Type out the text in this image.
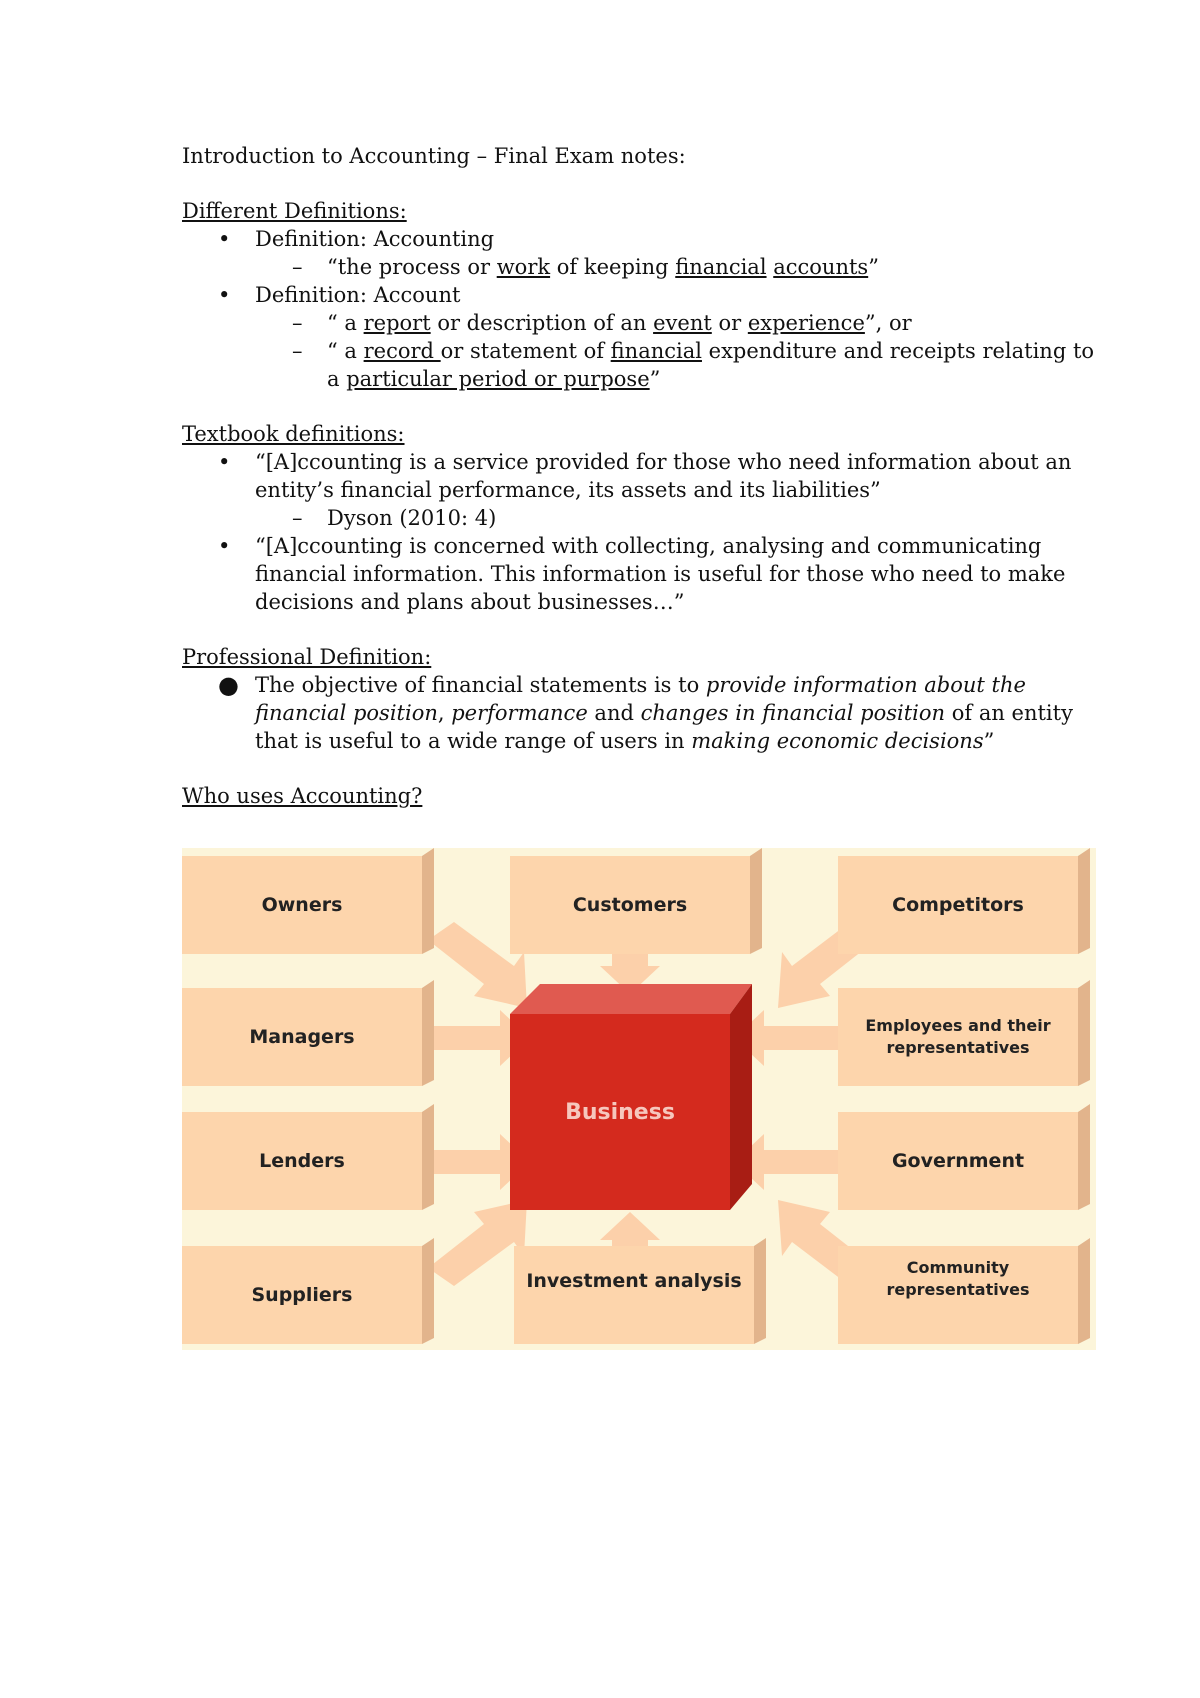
Introduction to Accounting – Final Exam notes:
Different Definitions:
• Definition: Accounting
– “the process or work of keeping financial accounts”
• Definition: Account
– “ a report or description of an event or experience”, or
– “ a record or statement of financial expenditure and receipts relating to
a particular period or purpose”
Textbook definitions:
• “[A]ccounting is a service provided for those who need information about an
entity’s financial performance, its assets and its liabilities”
– Dyson (2010: 4)
• “[A]ccounting is concerned with collecting, analysing and communicating
financial information. This information is useful for those who need to make
decisions and plans about businesses…”
Professional Definition:
● The objective of financial statements is to provide information about the
financial position, performance and changes in financial position of an entity
that is useful to a wide range of users in making economic decisions”
Who uses Accounting?
Owners	Customers	Competitors
Managers
Employees and their representatives
Lenders	Government
Suppliers
Investment analysis
Community representatives
Business
